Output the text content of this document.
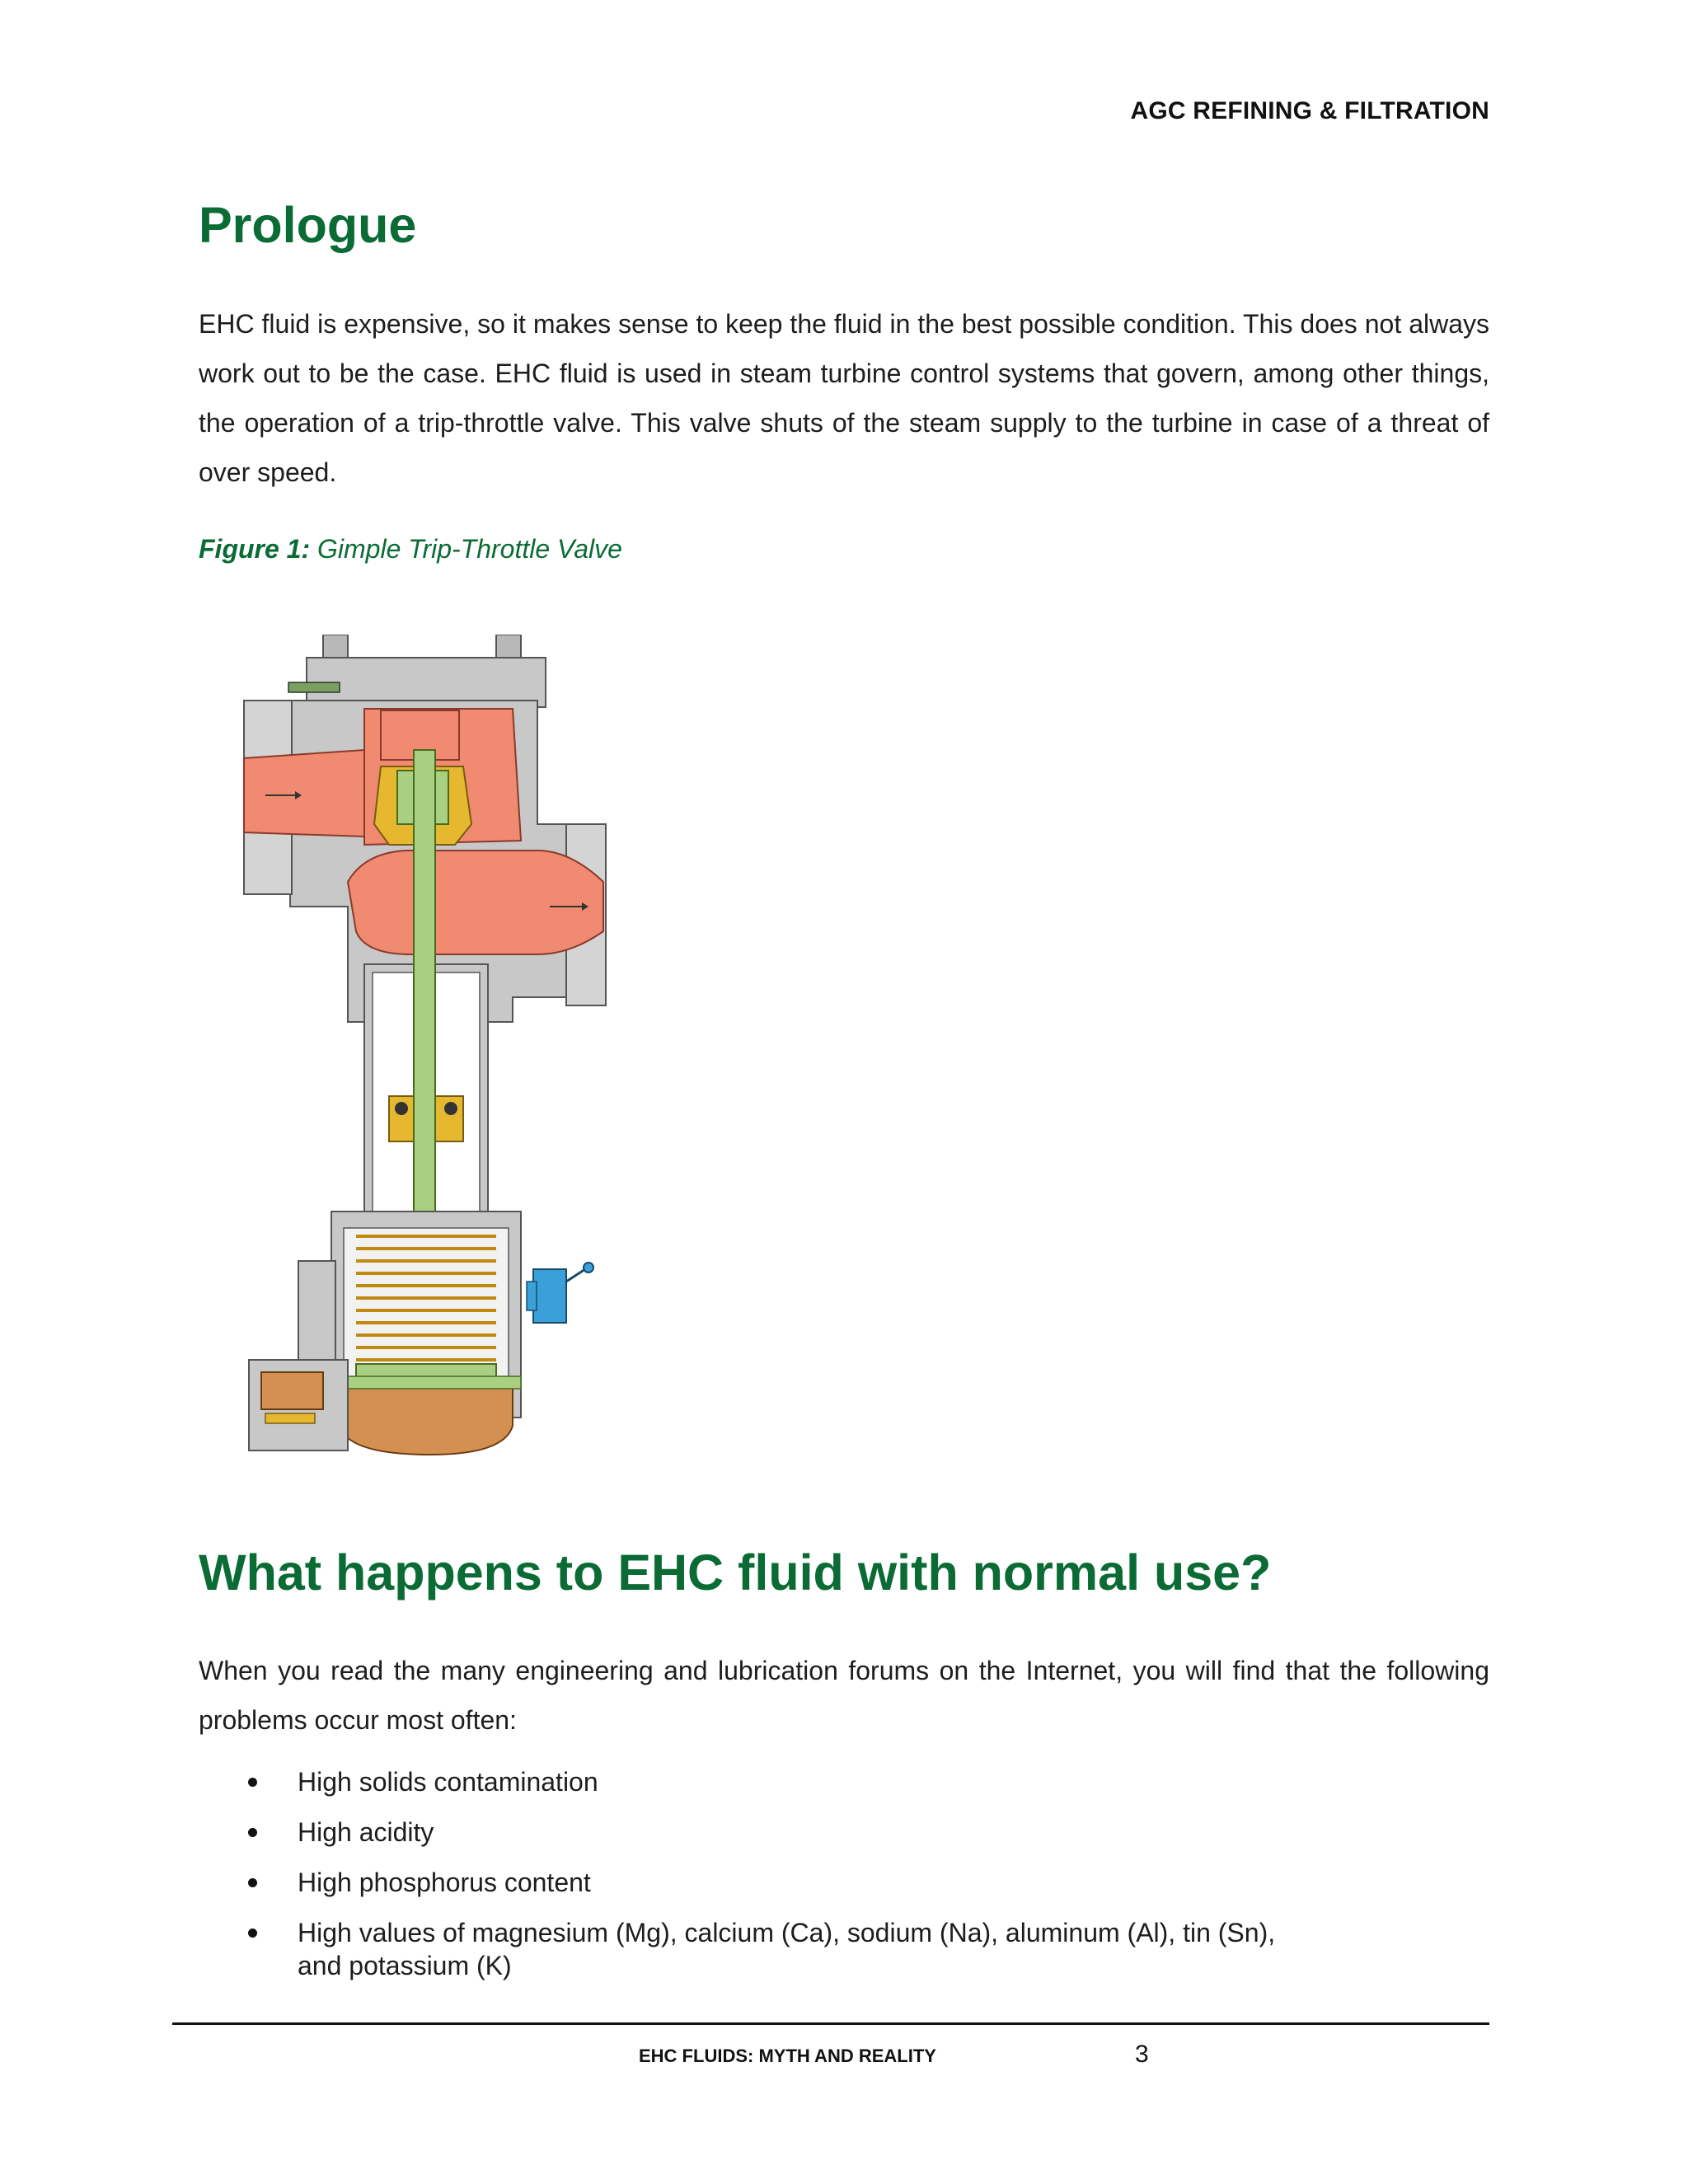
AGC REFINING & FILTRATION
Prologue

EHC fluid is expensive, so it makes sense to keep the fluid in the best possible condition. This does not always work out to be the case. EHC fluid is used in steam turbine control systems that govern, among other things, the operation of a trip-throttle valve. This valve shuts of the steam supply to the turbine in case of a threat of over speed.

Figure 1: Gimple Trip-Throttle Valve
What happens to EHC fluid with normal use?

When you read the many engineering and lubrication forums on the Internet, you will find that the following problems occur most often:

High solids contamination
High acidity
High phosphorus content
High values of magnesium (Mg), calcium (Ca), sodium (Na), aluminum (Al), tin (Sn), and potassium (K)
EHC FLUIDS: MYTH AND REALITY	3
